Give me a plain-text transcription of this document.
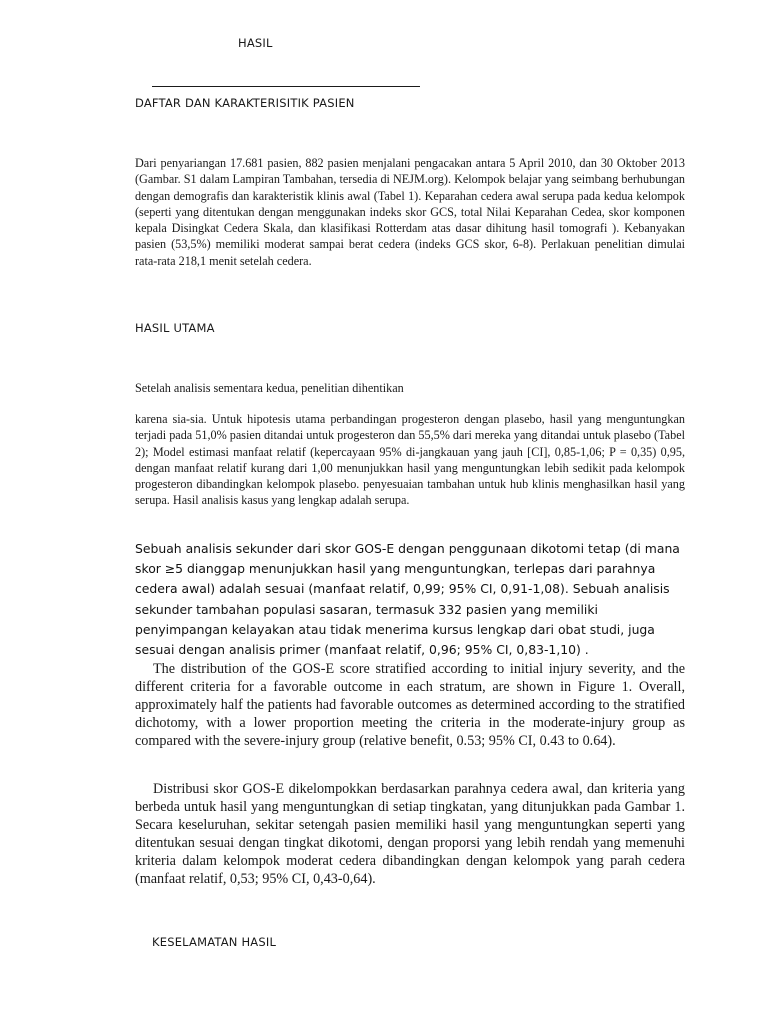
HASIL
DAFTAR DAN KARAKTERISITIK PASIEN

Dari penyariangan 17.681 pasien, 882 pasien menjalani pengacakan antara 5 April 2010, dan 30 Oktober 2013 (Gambar. S1 dalam Lampiran Tambahan, tersedia di NEJM.org). Kelompok belajar yang seimbang berhubungan dengan demografis dan karakteristik klinis awal (Tabel 1). Keparahan cedera awal serupa pada kedua kelompok (seperti yang ditentukan dengan menggunakan indeks skor GCS, total Nilai Keparahan Cedea, skor komponen kepala Disingkat Cedera Skala, dan klasifikasi Rotterdam atas dasar dihitung hasil tomografi ). Kebanyakan pasien (53,5%) memiliki moderat sampai berat cedera (indeks GCS skor, 6-8). Perlakuan penelitian dimulai rata-rata 218,1 menit setelah cedera.

HASIL UTAMA

Setelah analisis sementara kedua, penelitian dihentikan

karena sia-sia. Untuk hipotesis utama perbandingan progesteron dengan plasebo, hasil yang menguntungkan terjadi pada 51,0% pasien ditandai untuk progesteron dan 55,5% dari mereka yang ditandai untuk plasebo (Tabel 2); Model estimasi manfaat relatif (kepercayaan 95% di-jangkauan yang jauh [CI], 0,85-1,06; P = 0,35) 0,95, dengan manfaat relatif kurang dari 1,00 menunjukkan hasil yang menguntungkan lebih sedikit pada kelompok progesteron dibandingkan kelompok plasebo. penyesuaian tambahan untuk hub klinis menghasilkan hasil yang serupa. Hasil analisis kasus yang lengkap adalah serupa.

Sebuah analisis sekunder dari skor GOS-E dengan penggunaan dikotomi tetap (di mana skor ≥5 dianggap menunjukkan hasil yang menguntungkan, terlepas dari parahnya cedera awal) adalah sesuai (manfaat relatif, 0,99; 95% CI, 0,91-1,08). Sebuah analisis sekunder tambahan populasi sasaran, termasuk 332 pasien yang memiliki penyimpangan kelayakan atau tidak menerima kursus lengkap dari obat studi, juga sesuai dengan analisis primer (manfaat relatif, 0,96; 95% CI, 0,83-1,10) .

The distribution of the GOS-E score stratified according to initial injury severity, and the different criteria for a favorable outcome in each stratum, are shown in Figure 1. Overall, approximately half the patients had favorable outcomes as determined according to the stratified dichotomy, with a lower proportion meeting the criteria in the moderate-injury group as compared with the severe-injury group (relative benefit, 0.53; 95% CI, 0.43 to 0.64).

Distribusi skor GOS-E dikelompokkan berdasarkan parahnya cedera awal, dan kriteria yang berbeda untuk hasil yang menguntungkan di setiap tingkatan, yang ditunjukkan pada Gambar 1. Secara keseluruhan, sekitar setengah pasien memiliki hasil yang menguntungkan seperti yang ditentukan sesuai dengan tingkat dikotomi, dengan proporsi yang lebih rendah yang memenuhi kriteria dalam kelompok moderat cedera dibandingkan dengan kelompok yang parah cedera (manfaat relatif, 0,53; 95% CI, 0,43-0,64).

KESELAMATAN HASIL
